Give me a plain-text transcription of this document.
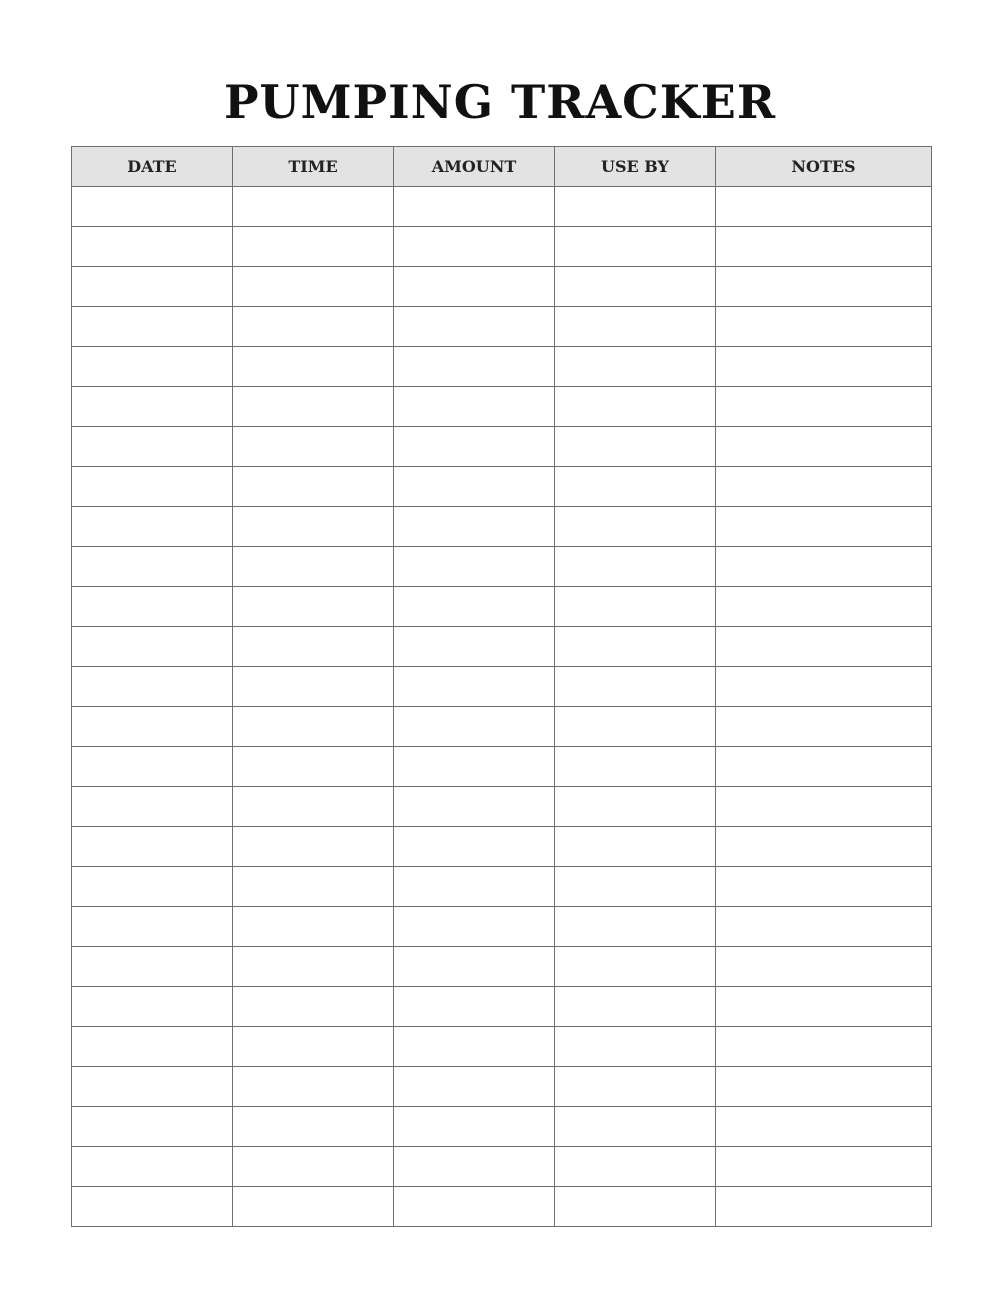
PUMPING TRACKER
DATE	TIME	AMOUNT	USE BY	NOTES
